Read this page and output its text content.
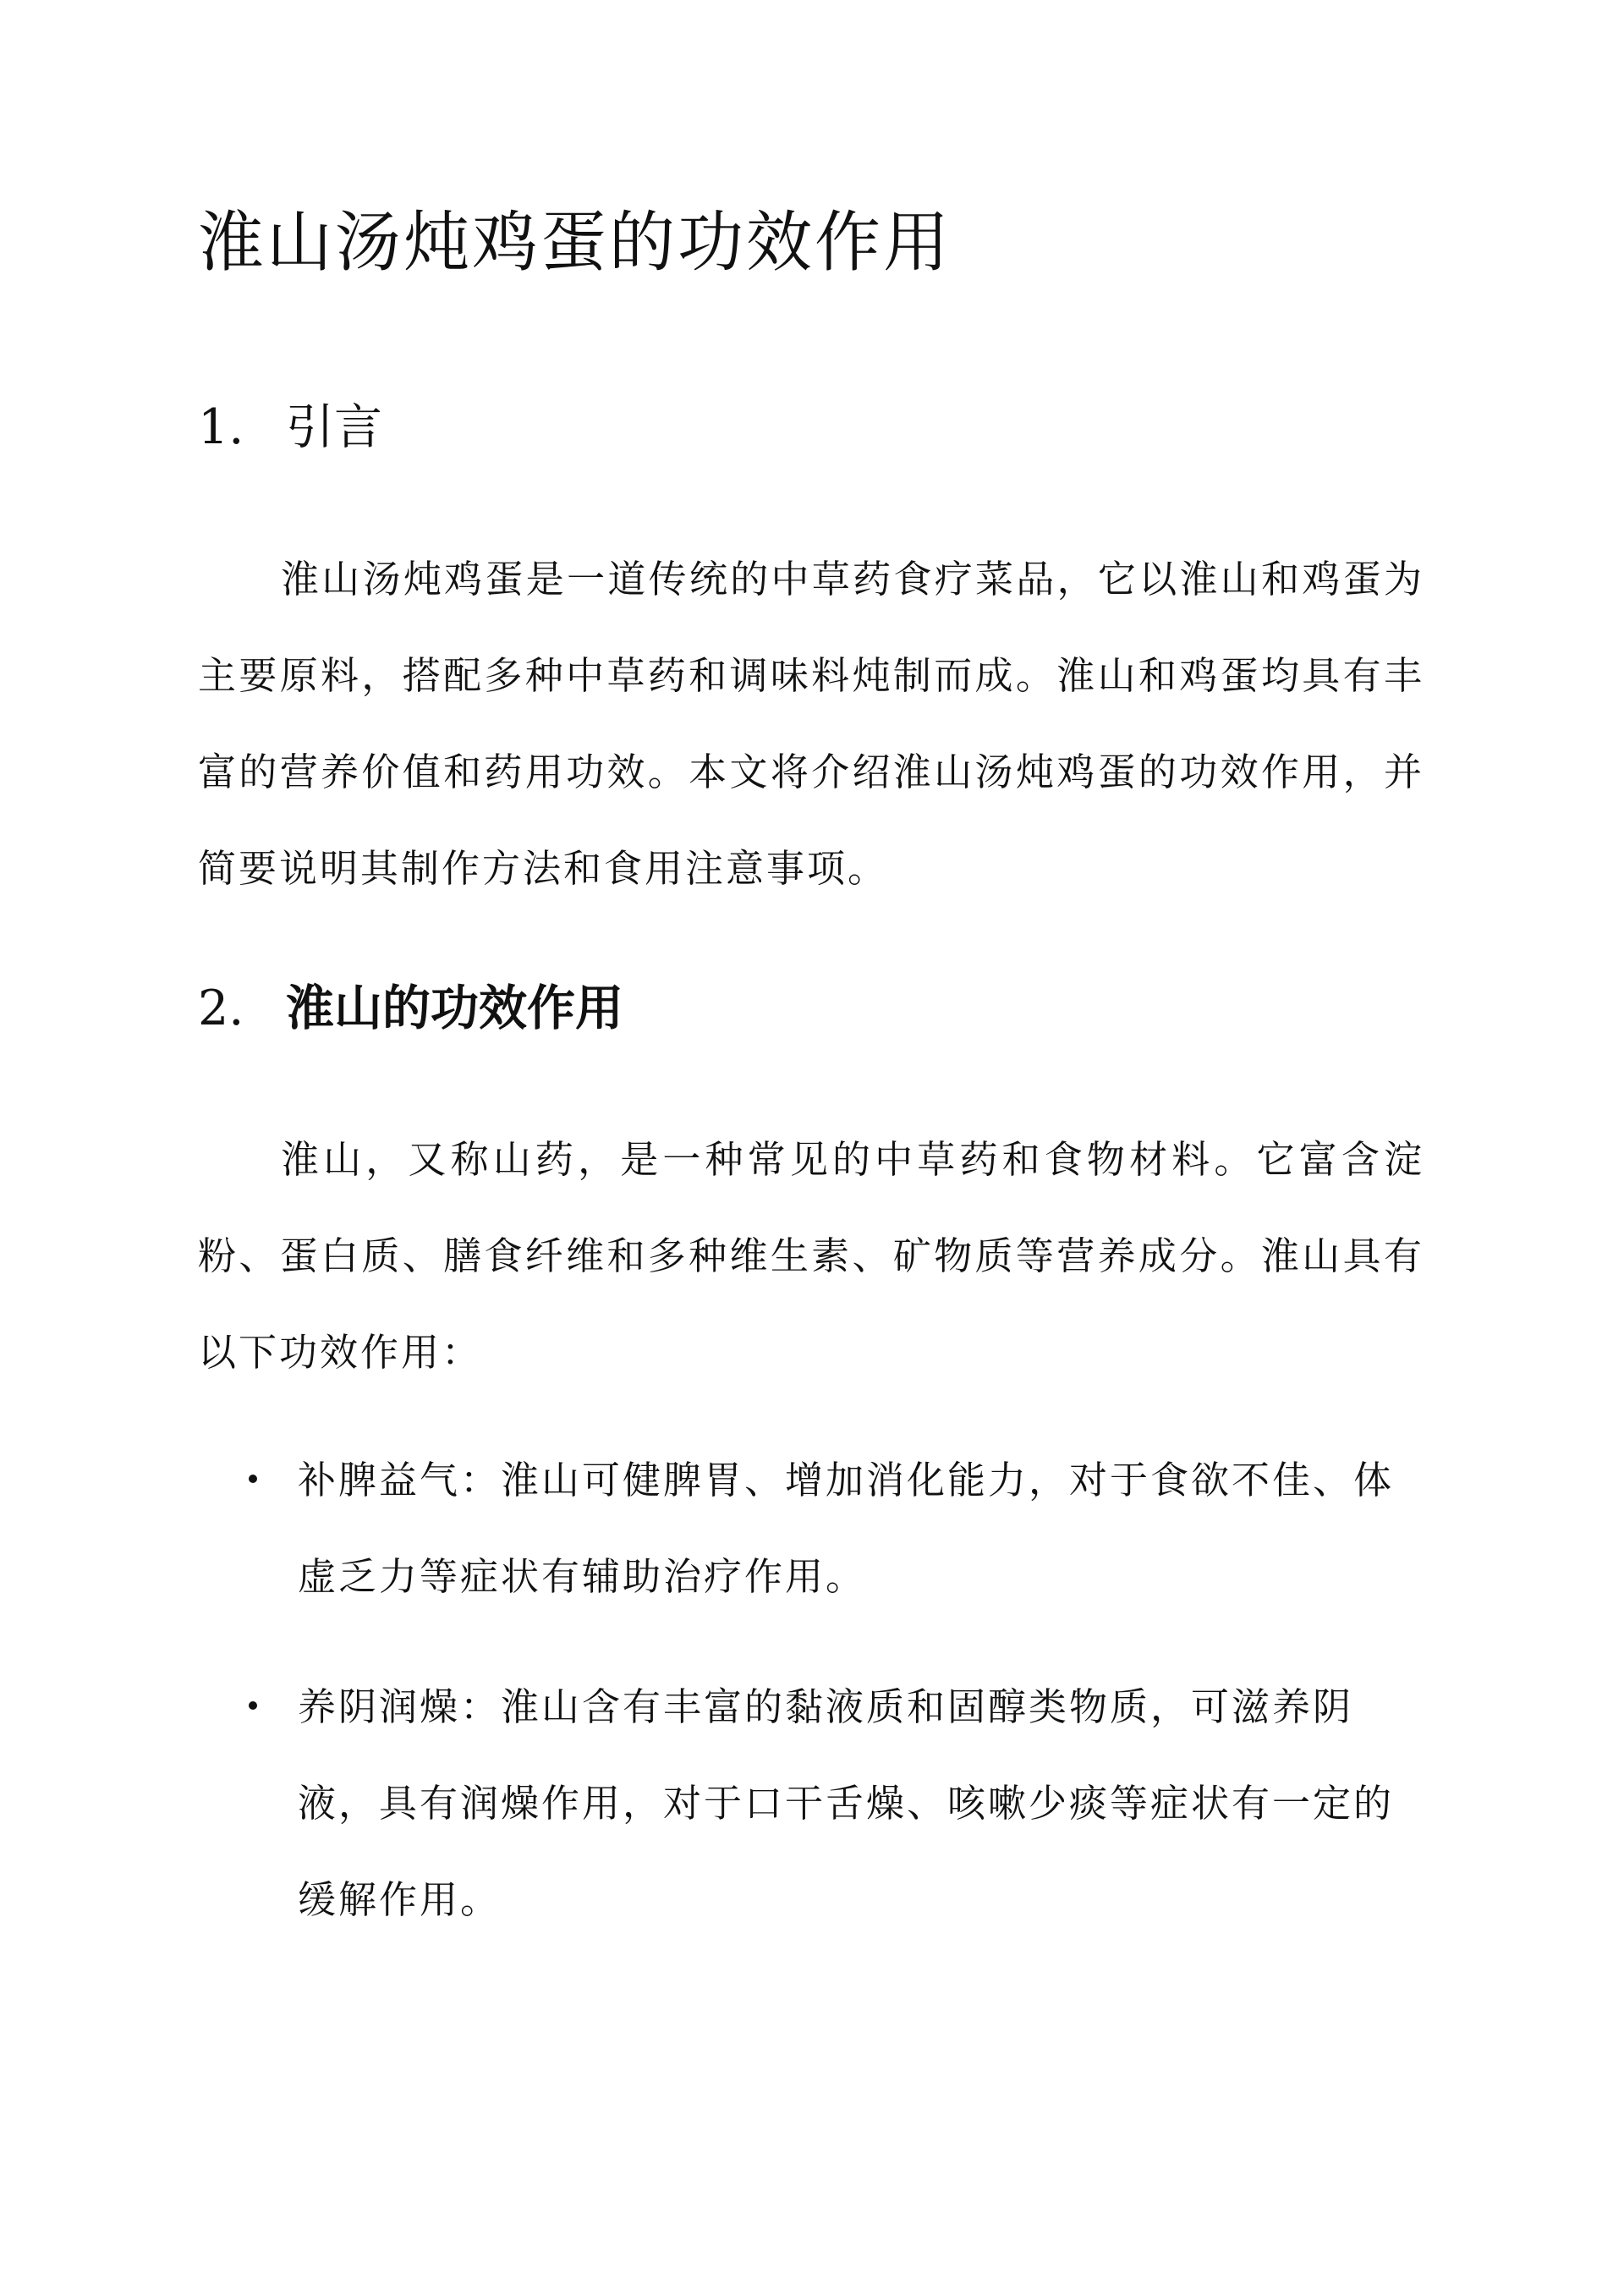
淮山汤炖鸡蛋的功效作用
1. 引言

淮山汤炖鸡蛋是一道传统的中草药食疗菜品，它以淮山和鸡蛋为主要原料，搭配多种中草药和调味料炖制而成。淮山和鸡蛋均具有丰富的营养价值和药用功效。本文将介绍淮山汤炖鸡蛋的功效作用，并简要说明其制作方法和食用注意事项。

2. 淮山的功效作用

淮山，又称山药，是一种常见的中草药和食物材料。它富含淀粉、蛋白质、膳食纤维和多种维生素、矿物质等营养成分。淮山具有以下功效作用：

补脾益气：淮山可健脾胃、增加消化能力，对于食欲不佳、体虚乏力等症状有辅助治疗作用。
养阴润燥：淮山含有丰富的黏液质和固醇类物质，可滋养阴液，具有润燥作用，对于口干舌燥、咳嗽少痰等症状有一定的缓解作用。
